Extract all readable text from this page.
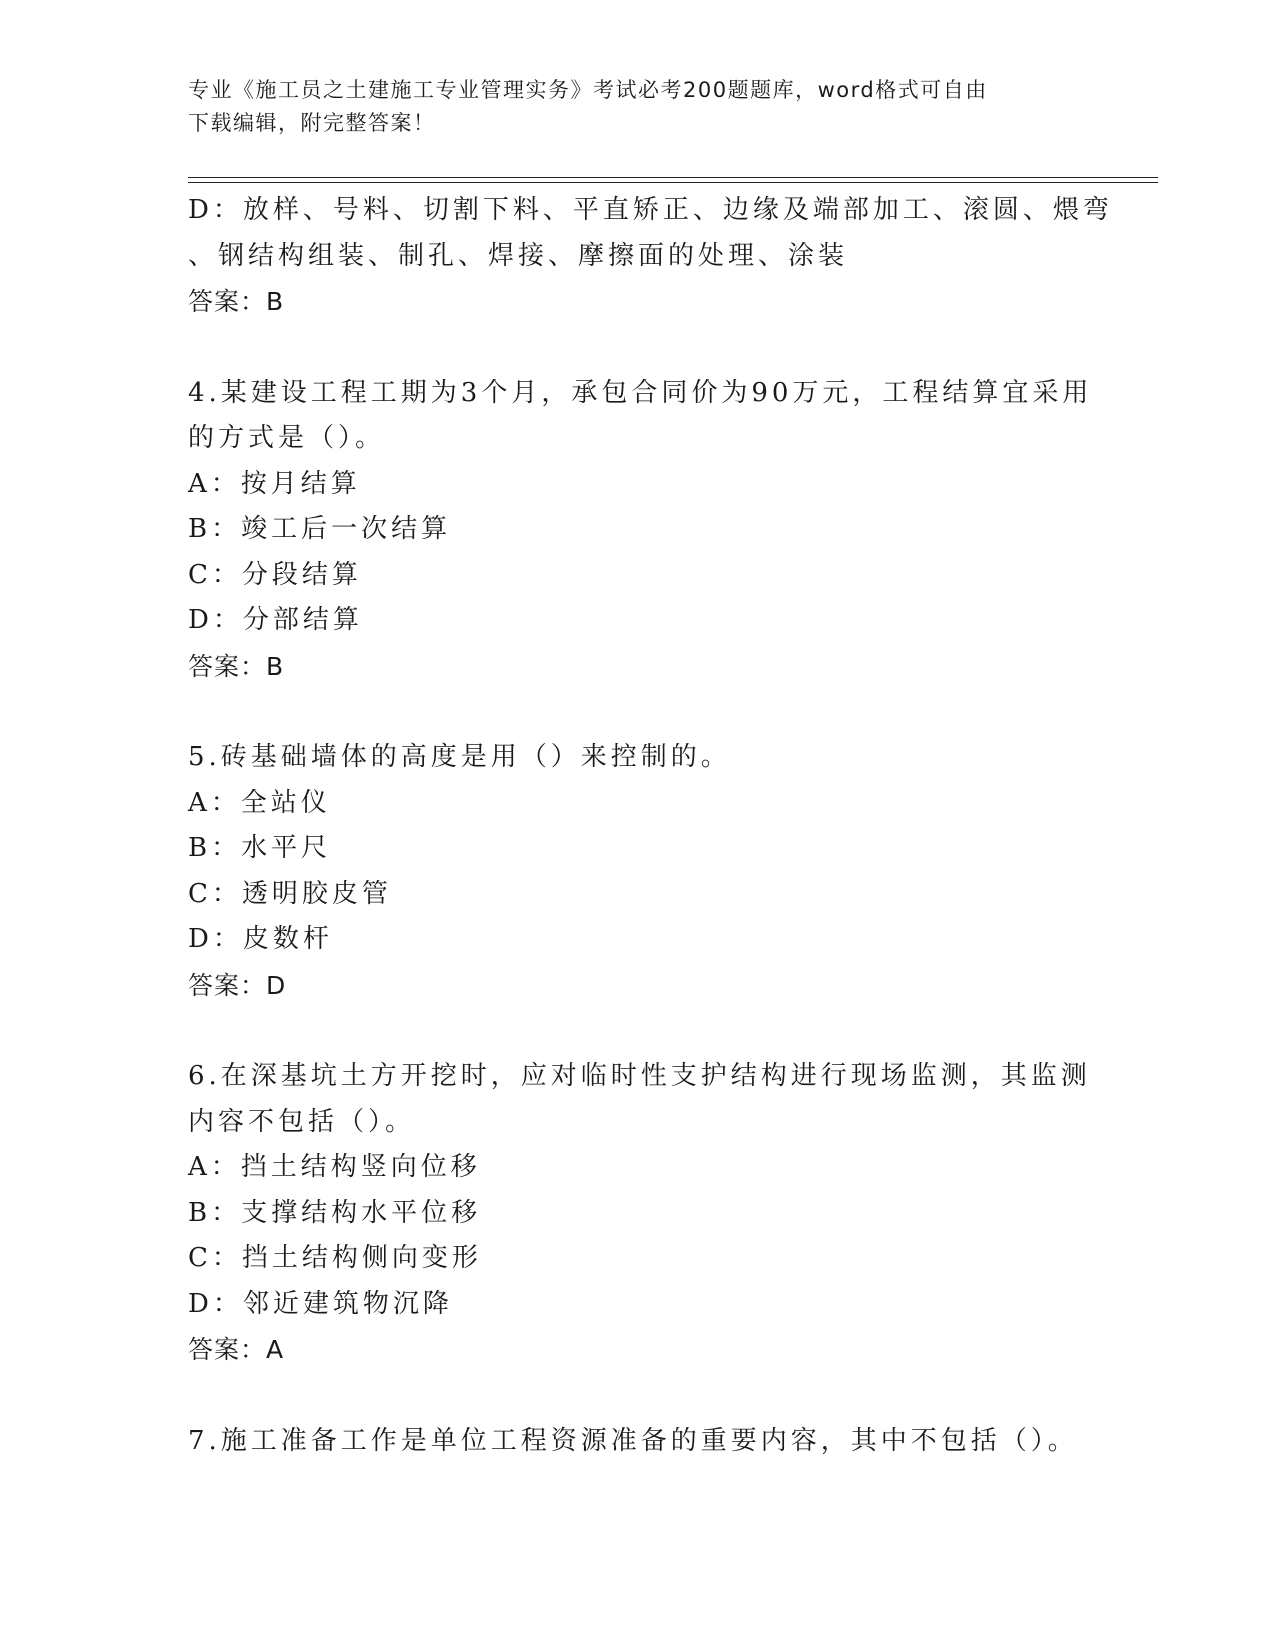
专业《施工员之土建施工专业管理实务》考试必考200题题库，word格式可自由
下载编辑，附完整答案！
D：放样、号料、切割下料、平直矫正、边缘及端部加工、滚圆、煨弯
、钢结构组装、制孔、焊接、摩擦面的处理、涂装
答案：B
4.某建设工程工期为3个月，承包合同价为90万元，工程结算宜采用
的方式是（）。
A：按月结算
B：竣工后一次结算
C：分段结算
D：分部结算
答案：B
5.砖基础墙体的高度是用（）来控制的。
A：全站仪
B：水平尺
C：透明胶皮管
D：皮数杆
答案：D
6.在深基坑土方开挖时，应对临时性支护结构进行现场监测，其监测
内容不包括（）。
A：挡土结构竖向位移
B：支撑结构水平位移
C：挡土结构侧向变形
D：邻近建筑物沉降
答案：A
7.施工准备工作是单位工程资源准备的重要内容，其中不包括（）。
